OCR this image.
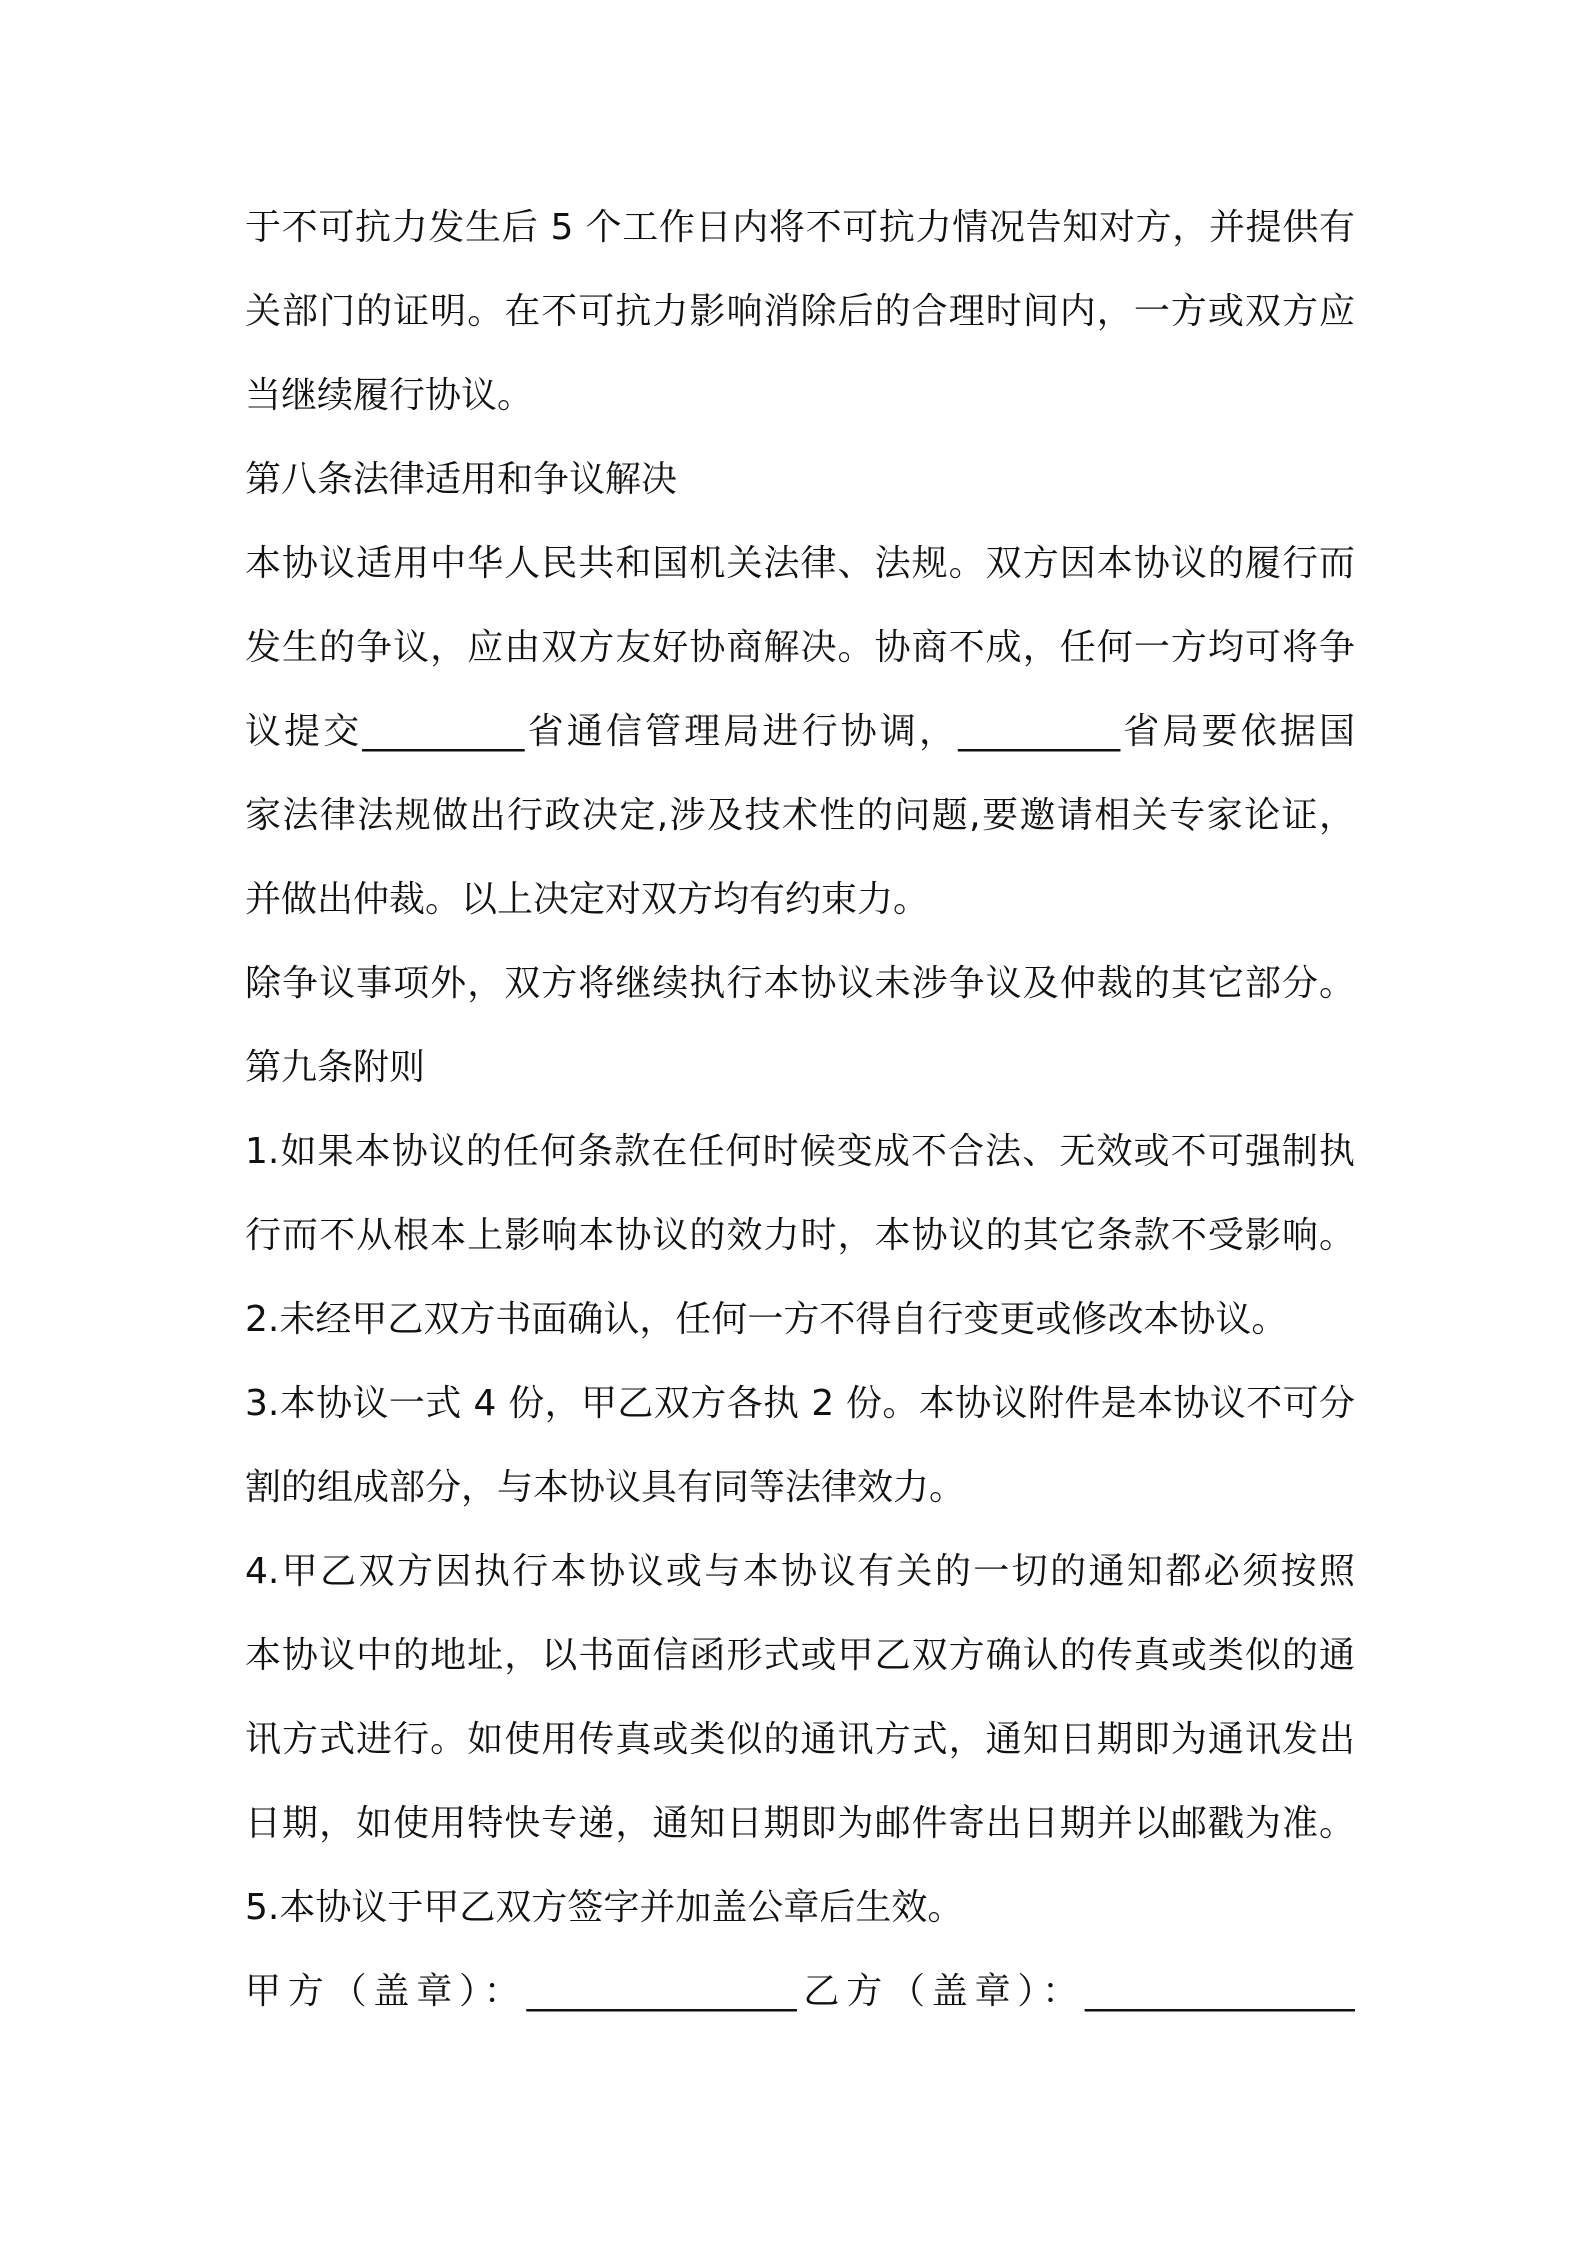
于不可抗力发生后 5 个工作日内将不可抗力情况告知对方，并提供有
关部门的证明。在不可抗力影响消除后的合理时间内，一方或双方应
当继续履行协议。
第八条法律适用和争议解决
本协议适用中华人民共和国机关法律、法规。双方因本协议的履行而
发生的争议，应由双方友好协商解决。协商不成，任何一方均可将争
议提交_________省通信管理局进行协调，_________省局要依据国
家法律法规做出行政决定,涉及技术性的问题,要邀请相关专家论证，
并做出仲裁。以上决定对双方均有约束力。
除争议事项外，双方将继续执行本协议未涉争议及仲裁的其它部分。
第九条附则
1.如果本协议的任何条款在任何时候变成不合法、无效或不可强制执
行而不从根本上影响本协议的效力时，本协议的其它条款不受影响。
2.未经甲乙双方书面确认，任何一方不得自行变更或修改本协议。
3.本协议一式 4 份，甲乙双方各执 2 份。本协议附件是本协议不可分
割的组成部分，与本协议具有同等法律效力。
4.甲乙双方因执行本协议或与本协议有关的一切的通知都必须按照
本协议中的地址，以书面信函形式或甲乙双方确认的传真或类似的通
讯方式进行。如使用传真或类似的通讯方式，通知日期即为通讯发出
日期，如使用特快专递，通知日期即为邮件寄出日期并以邮戳为准。
5.本协议于甲乙双方签字并加盖公章后生效。
甲方（盖章）：_______________乙方（盖章）：_______________
